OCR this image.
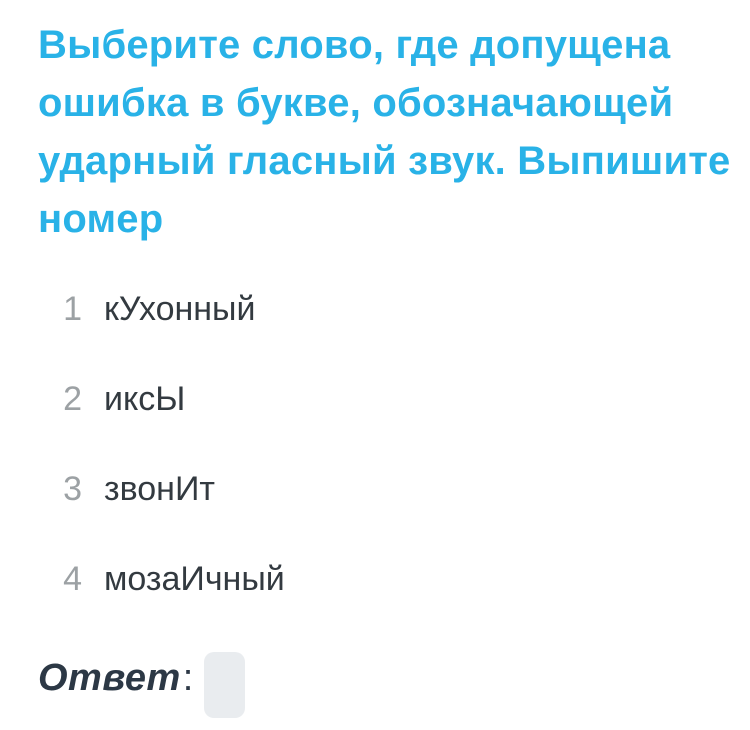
Выберите слово, где допущена
ошибка в букве, обозначающей
ударный гласный звук. Выпишите
номер
1 кУхонный
2 иксЫ
3 звонИт
4 мозаИчный
Ответ :
